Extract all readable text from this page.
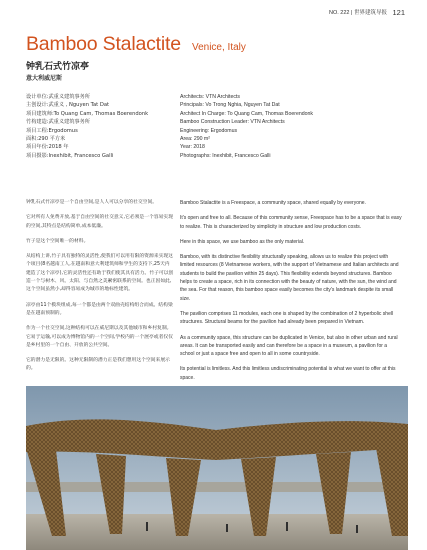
NO. 222 | 世界建筑导报 121
Bamboo Stalactite Venice, Italy
钟乳石式竹凉亭
意大利威尼斯
设计单位:武重义建筑事务所
主创设计:武重义 , Nguyen Tat Dat
项目建筑师:To Quang Cam, Thomas Boerendonk
竹构建造:武重义建筑事务所
项目工程:Ergodomus
面积:290 平方米
项目年份:2018 年
项目摄影:Inexhibit, Francesco Galli
Architects: VTN Architects
Principals: Vo Trong Nghia, Nguyen Tat Dat
Architect In Charge: To Quang Cam, Thomas Boerendonk
Bamboo Construction Leader: VTN Architects
Engineering: Ergodomus
Area: 290 m²
Year: 2018
Photographs: Inexhibit, Francesco Galli

钟乳石式竹凉亭是一个自由空间,是人人可以分享的社交空间。

它对所有人免费开放,基于自由空间的社交意义,它必须是一个容易实现的空间,其特点是结构简单,成本低廉。

竹子是这个空间唯一的材料。

从结构上讲,竹子具有独特的灵活性,使我们可以用有限的资源来实现这个项目(8名越南工人,在越南和意大利建筑师和学生的支持下,25天内建造了这个凉亭),它的灵活性还有助于我们使其具有活力。竹子可以创造一个与树木、风、太阳、与自然之美紧密联系的空间。也正因如此,这个空间虽然小,却得容易成为城市的地标性建筑。

凉亭由11个模块组成,每一个都是由两个双曲壳结构组合而成。结构梁是在越南预制的。

作为一个社交空间,这种结构可以在威尼斯以及其他城市和乡村复制。它易于运输,可以成为博物馆内的一个空间,学校内的一个展亭或者仅仅是乡村里的一个自由、开放的公共空间。

它的潜力是无限的。这种无限制的潜力正是我们想用这个空间来展示的。

Bamboo Stalactite is a Freespace, a community space, shared equally by everyone.

It's open and free to all. Because of this community sense, Freespace has to be a space that is easy to realize. This is characterized by simplicity in structure and low production costs.

Here in this space, we use bamboo as the only material.

Bamboo, with its distinctive flexibility structurally speaking, allows us to realize this project with limited resources (8 Vietnamese workers, with the support of Vietnamese and Italian architects and students to build the pavilion within 25 days). This flexibility extends beyond structures. Bamboo helps to create a space, rich in its connection with the beauty of nature, with the sun, the wind and the sea. For that reason, this bamboo space easily becomes the city's landmark despite its small size.

The pavilion comprises 11 modules, each one is shaped by the combination of 2 hyperbolic shell structures. Structural beams for the pavilion had already been prepared in Vietnam.

As a community space, this structure can be duplicated in Venice, but also in other urban and rural areas. It can be transported easily and can therefore be a space in a museum, a pavilion for a school or just a space free and open to all in some countryside.

Its potential is limitless. And this limitless undiscriminating potential is what we want to offer at this space.
